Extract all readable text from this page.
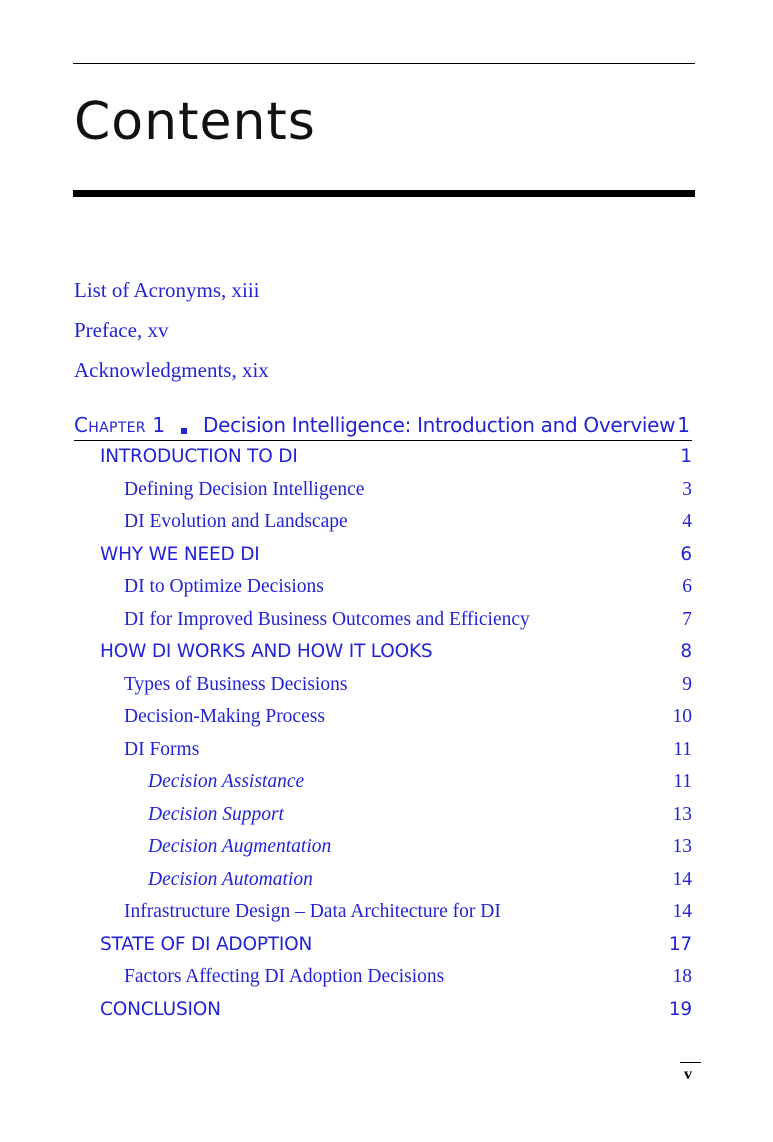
Contents
List of Acronyms, xiii
Preface, xv
Acknowledgments, xix
Chapter 1 Decision Intelligence: Introduction and Overview 1
INTRODUCTION TO DI	1
Defining Decision Intelligence	3
DI Evolution and Landscape	4
WHY WE NEED DI	6
DI to Optimize Decisions	6
DI for Improved Business Outcomes and Efficiency	7
HOW DI WORKS AND HOW IT LOOKS	8
Types of Business Decisions	9
Decision-Making Process	10
DI Forms	11
Decision Assistance	11
Decision Support	13
Decision Augmentation	13
Decision Automation	14
Infrastructure Design – Data Architecture for DI	14
STATE OF DI ADOPTION	17
Factors Affecting DI Adoption Decisions	18
CONCLUSION	19
v
